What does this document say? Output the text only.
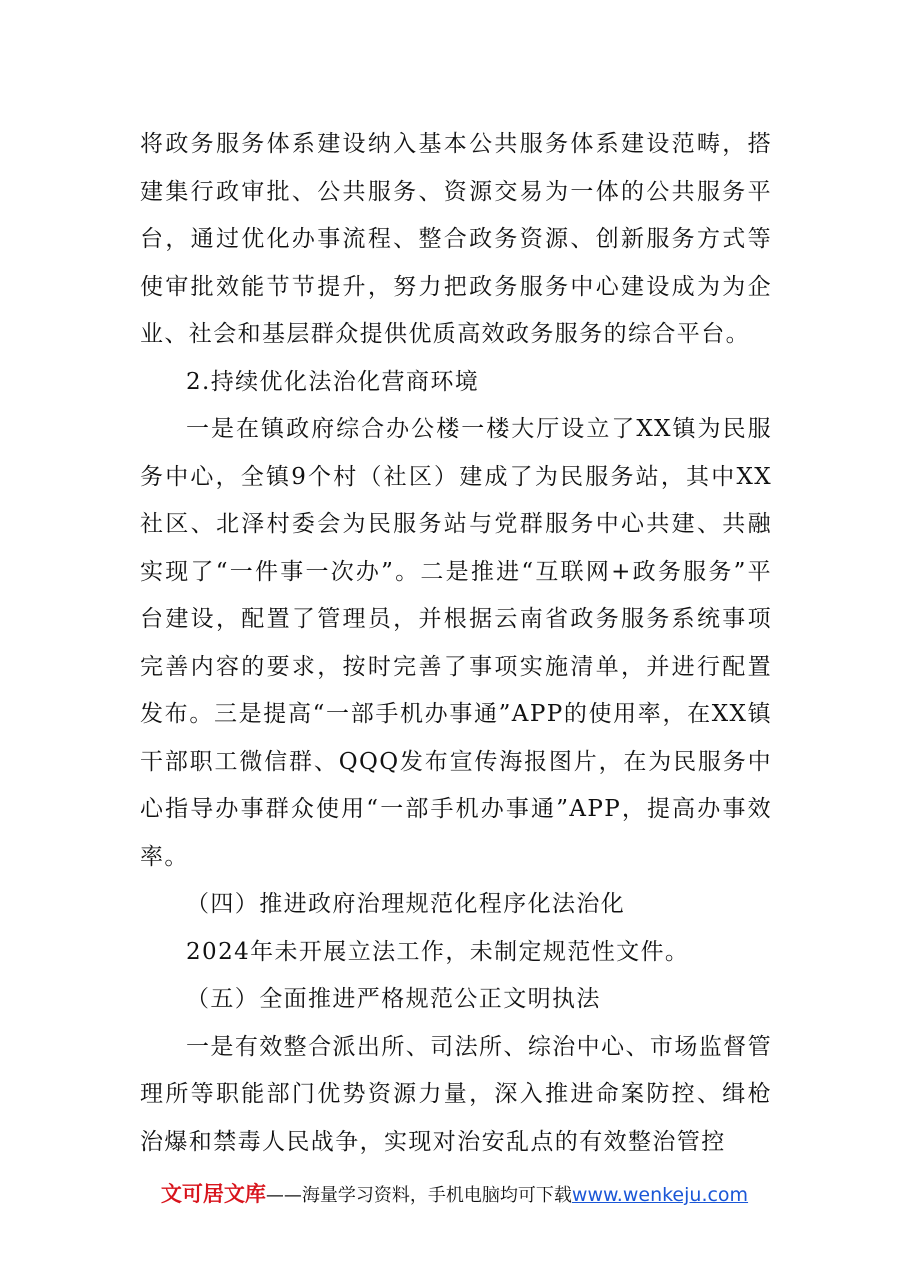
将政务服务体系建设纳入基本公共服务体系建设范畴，搭建集行政审批、公共服务、资源交易为一体的公共服务平台，通过优化办事流程、整合政务资源、创新服务方式等使审批效能节节提升，努力把政务服务中心建设成为为企业、社会和基层群众提供优质高效政务服务的综合平台。

2.持续优化法治化营商环境

一是在镇政府综合办公楼一楼大厅设立了XX镇为民服务中心，全镇9个村（社区）建成了为民服务站，其中XX社区、北泽村委会为民服务站与党群服务中心共建、共融实现了“一件事一次办”。二是推进“互联网+政务服务”平台建设，配置了管理员，并根据云南省政务服务系统事项完善内容的要求，按时完善了事项实施清单，并进行配置发布。三是提高“一部手机办事通”APP的使用率，在XX镇干部职工微信群、QQQ发布宣传海报图片，在为民服务中心指导办事群众使用“一部手机办事通”APP，提高办事效率。

（四）推进政府治理规范化程序化法治化

2024年未开展立法工作，未制定规范性文件。

（五）全面推进严格规范公正文明执法

一是有效整合派出所、司法所、综治中心、市场监督管理所等职能部门优势资源力量，深入推进命案防控、缉枪治爆和禁毒人民战争，实现对治安乱点的有效整治管控

文可居文库——海量学习资料，手机电脑均可下载www.wenkeju.com
